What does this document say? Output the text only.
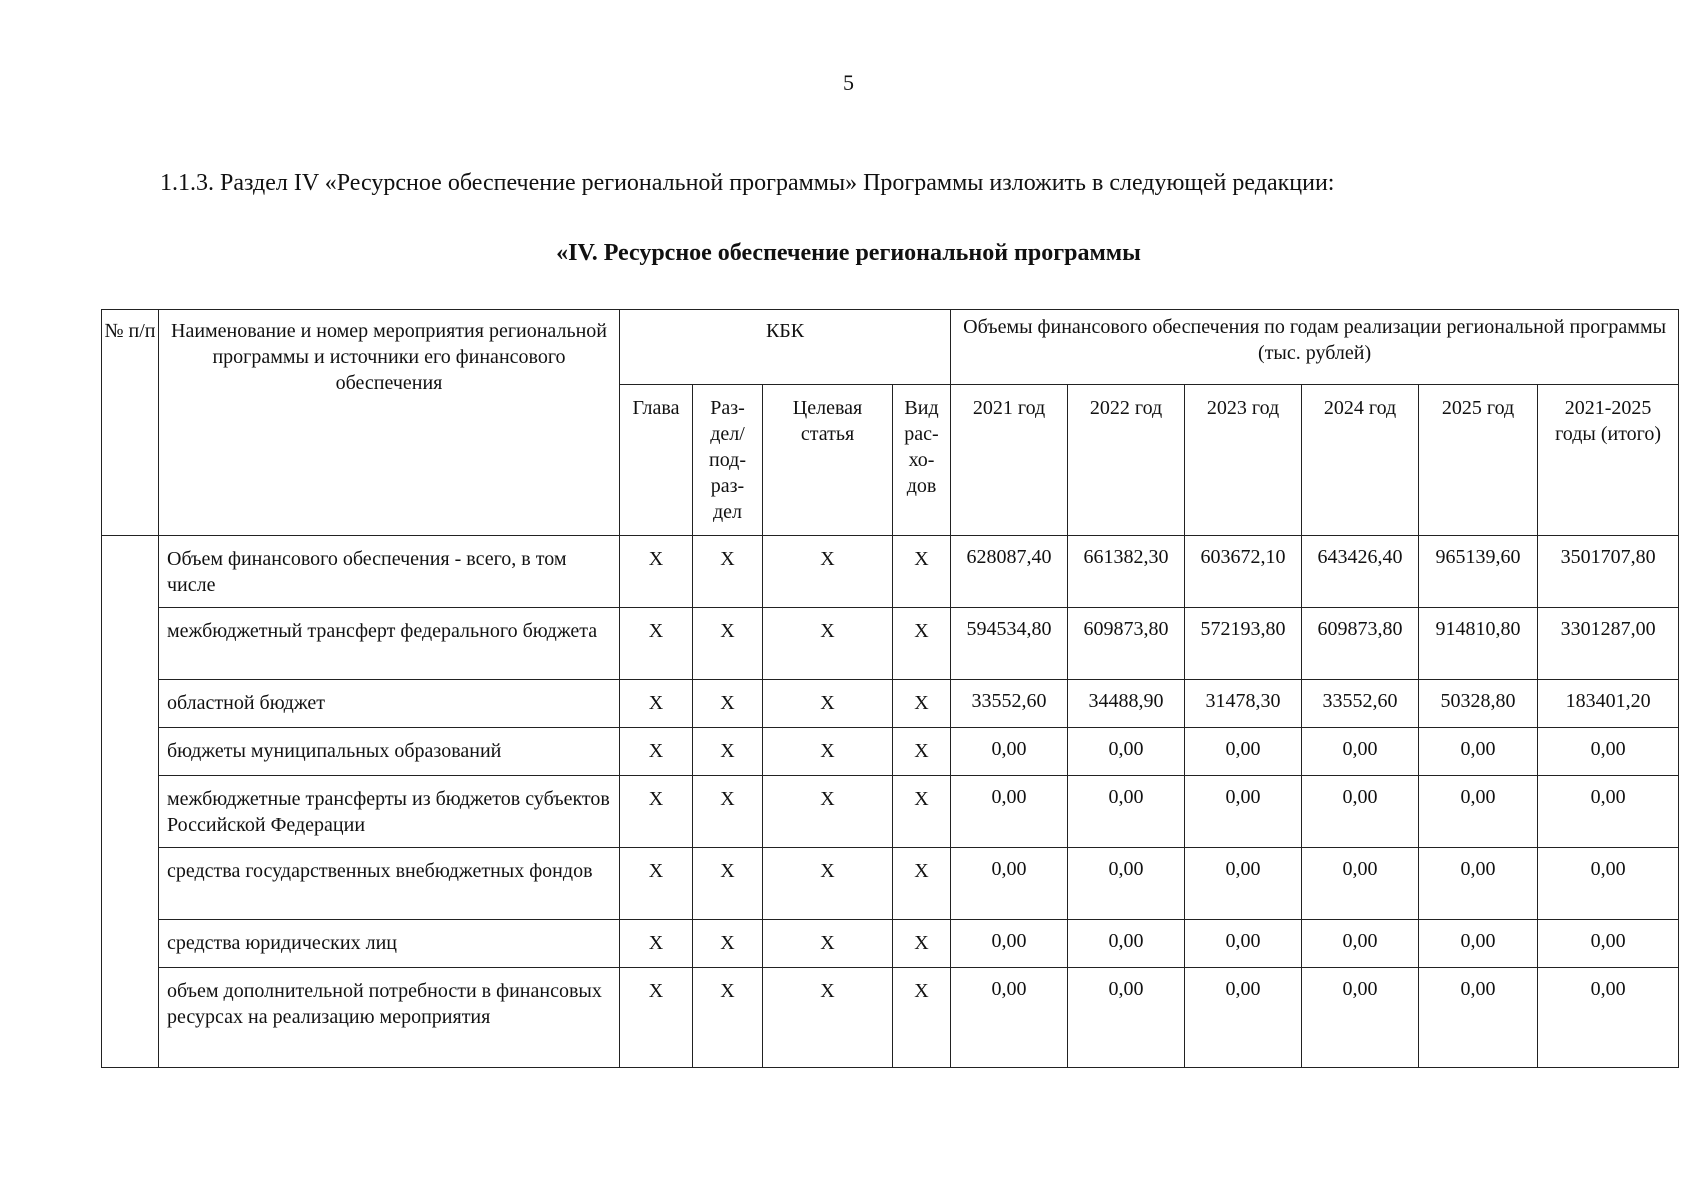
5
1.1.3. Раздел IV «Ресурсное обеспечение региональной программы» Программы изложить в следующей редакции:
«IV. Ресурсное обеспечение региональной программы
№ п/п	Наименование и номер мероприятия региональной программы и источники его финансового обеспечения	КБК				Объемы финансового обеспечения по годам реализации региональной программы (тыс. рублей)					
		Глава	Раз-дел/ под-раз-дел	Целевая статья	Вид рас-хо-дов	2021 год	2022 год	2023 год	2024 год	2025 год	2021-2025 годы (итого)
	Объем финансового обеспечения - всего, в том числе	Х	Х	Х	Х	628087,40	661382,30	603672,10	643426,40	965139,60	3501707,80
	межбюджетный трансферт федерального бюджета	Х	Х	Х	Х	594534,80	609873,80	572193,80	609873,80	914810,80	3301287,00
	областной бюджет	Х	Х	Х	Х	33552,60	34488,90	31478,30	33552,60	50328,80	183401,20
	бюджеты муниципальных образований	Х	Х	Х	Х	0,00	0,00	0,00	0,00	0,00	0,00
	межбюджетные трансферты из бюджетов субъектов Российской Федерации	Х	Х	Х	Х	0,00	0,00	0,00	0,00	0,00	0,00
	средства государственных внебюджетных фондов	Х	Х	Х	Х	0,00	0,00	0,00	0,00	0,00	0,00
	средства юридических лиц	Х	Х	Х	Х	0,00	0,00	0,00	0,00	0,00	0,00
	объем дополнительной потребности в финансовых ресурсах на реализацию мероприятия	Х	Х	Х	Х	0,00	0,00	0,00	0,00	0,00	0,00
